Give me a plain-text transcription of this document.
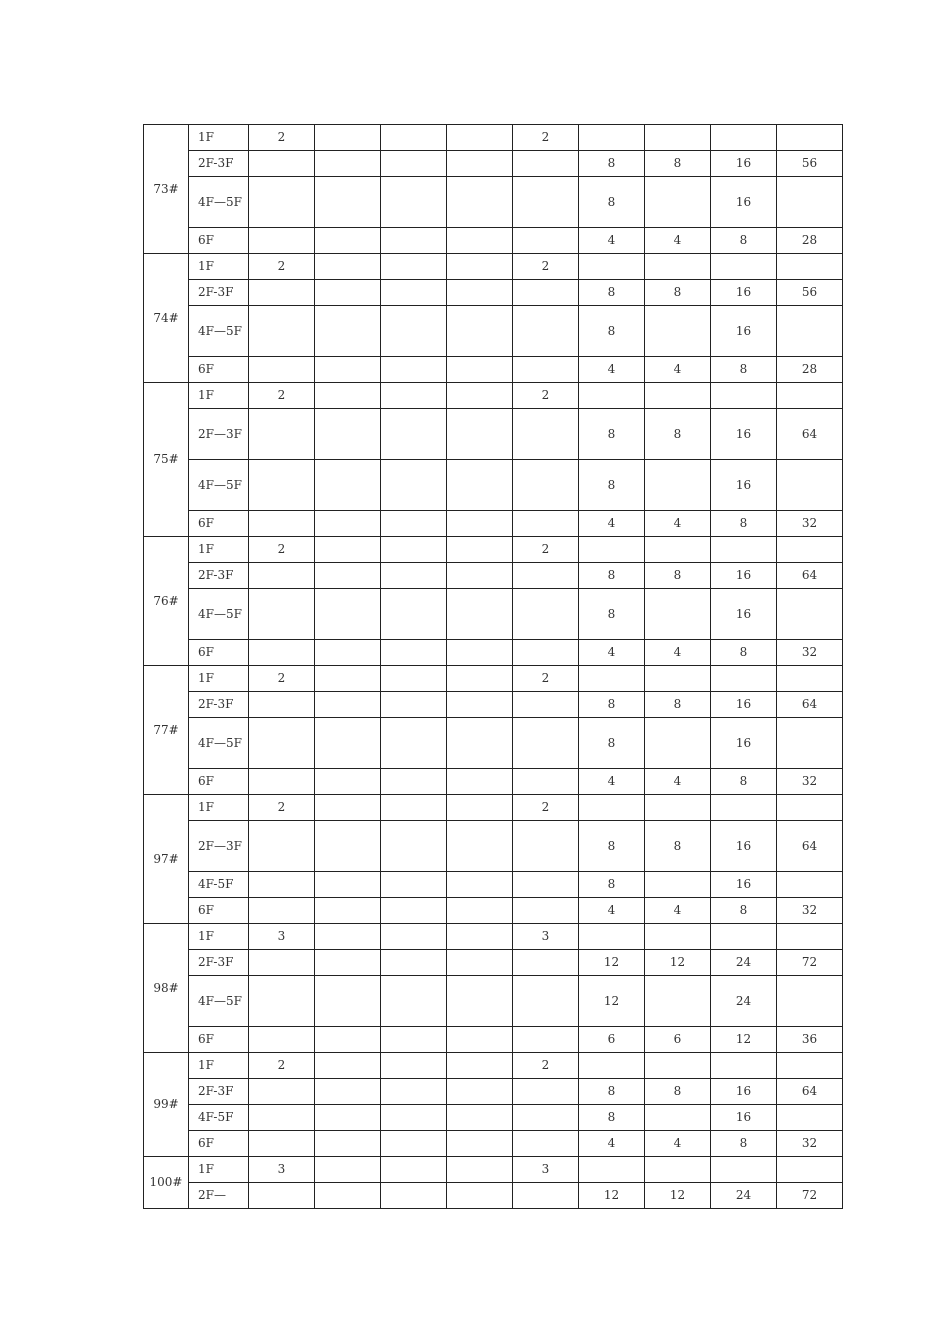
73#	1F	2				2				
	2F-3F						8	8	16	56
	4F—5F						8		16	
	6F						4	4	8	28
74#	1F	2				2				
	2F-3F						8	8	16	56
	4F—5F						8		16	
	6F						4	4	8	28
75#	1F	2				2				
	2F—3F						8	8	16	64
	4F—5F						8		16	
	6F						4	4	8	32
76#	1F	2				2				
	2F-3F						8	8	16	64
	4F—5F						8		16	
	6F						4	4	8	32
77#	1F	2				2				
	2F-3F						8	8	16	64
	4F—5F						8		16	
	6F						4	4	8	32
97#	1F	2				2				
	2F—3F						8	8	16	64
	4F-5F						8		16	
	6F						4	4	8	32
98#	1F	3				3				
	2F-3F						12	12	24	72
	4F—5F						12		24	
	6F						6	6	12	36
99#	1F	2				2				
	2F-3F						8	8	16	64
	4F-5F						8		16	
	6F						4	4	8	32
100#	1F	3				3				
	2F—						12	12	24	72
